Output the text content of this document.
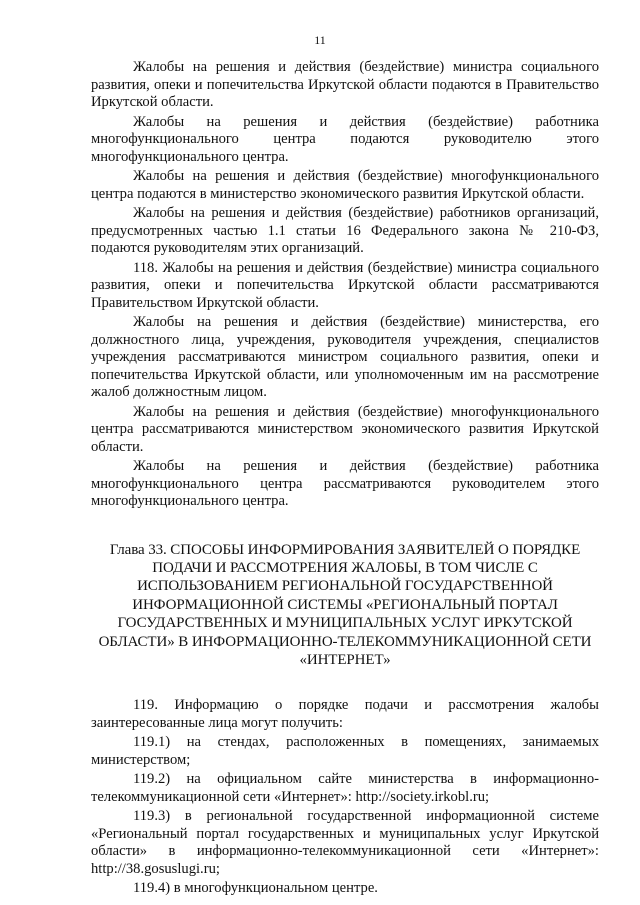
11

Жалобы на решения и действия (бездействие) министра социального развития, опеки и попечительства Иркутской области подаются в Правительство Иркутской области.

Жалобы на решения и действия (бездействие) работника многофункционального центра подаются руководителю этого многофункционального центра.

Жалобы на решения и действия (бездействие) многофункционального центра подаются в министерство экономического развития Иркутской области.

Жалобы на решения и действия (бездействие) работников организаций, предусмотренных частью 1.1 статьи 16 Федерального закона № 210-ФЗ, подаются руководителям этих организаций.

118. Жалобы на решения и действия (бездействие) министра социального развития, опеки и попечительства Иркутской области рассматриваются Правительством Иркутской области.

Жалобы на решения и действия (бездействие) министерства, его должностного лица, учреждения, руководителя учреждения, специалистов учреждения рассматриваются министром социального развития, опеки и попечительства Иркутской области, или уполномоченным им на рассмотрение жалоб должностным лицом.

Жалобы на решения и действия (бездействие) многофункционального центра рассматриваются министерством экономического развития Иркутской области.

Жалобы на решения и действия (бездействие) работника многофункционального центра рассматриваются руководителем этого многофункционального центра.

Глава 33. СПОСОБЫ ИНФОРМИРОВАНИЯ ЗАЯВИТЕЛЕЙ О ПОРЯДКЕ ПОДАЧИ И РАССМОТРЕНИЯ ЖАЛОБЫ, В ТОМ ЧИСЛЕ С ИСПОЛЬЗОВАНИЕМ РЕГИОНАЛЬНОЙ ГОСУДАРСТВЕННОЙ ИНФОРМАЦИОННОЙ СИСТЕМЫ «РЕГИОНАЛЬНЫЙ ПОРТАЛ ГОСУДАРСТВЕННЫХ И МУНИЦИПАЛЬНЫХ УСЛУГ ИРКУТСКОЙ ОБЛАСТИ» В ИНФОРМАЦИОННО-ТЕЛЕКОММУНИКАЦИОННОЙ СЕТИ «ИНТЕРНЕТ»

119. Информацию о порядке подачи и рассмотрения жалобы заинтересованные лица могут получить:

119.1) на стендах, расположенных в помещениях, занимаемых министерством;

119.2) на официальном сайте министерства в информационно-телекоммуникационной сети «Интернет»: http://society.irkobl.ru;

119.3) в региональной государственной информационной системе «Региональный портал государственных и муниципальных услуг Иркутской области» в информационно-телекоммуникационной сети «Интернет»: http://38.gosuslugi.ru;

119.4) в многофункциональном центре.
